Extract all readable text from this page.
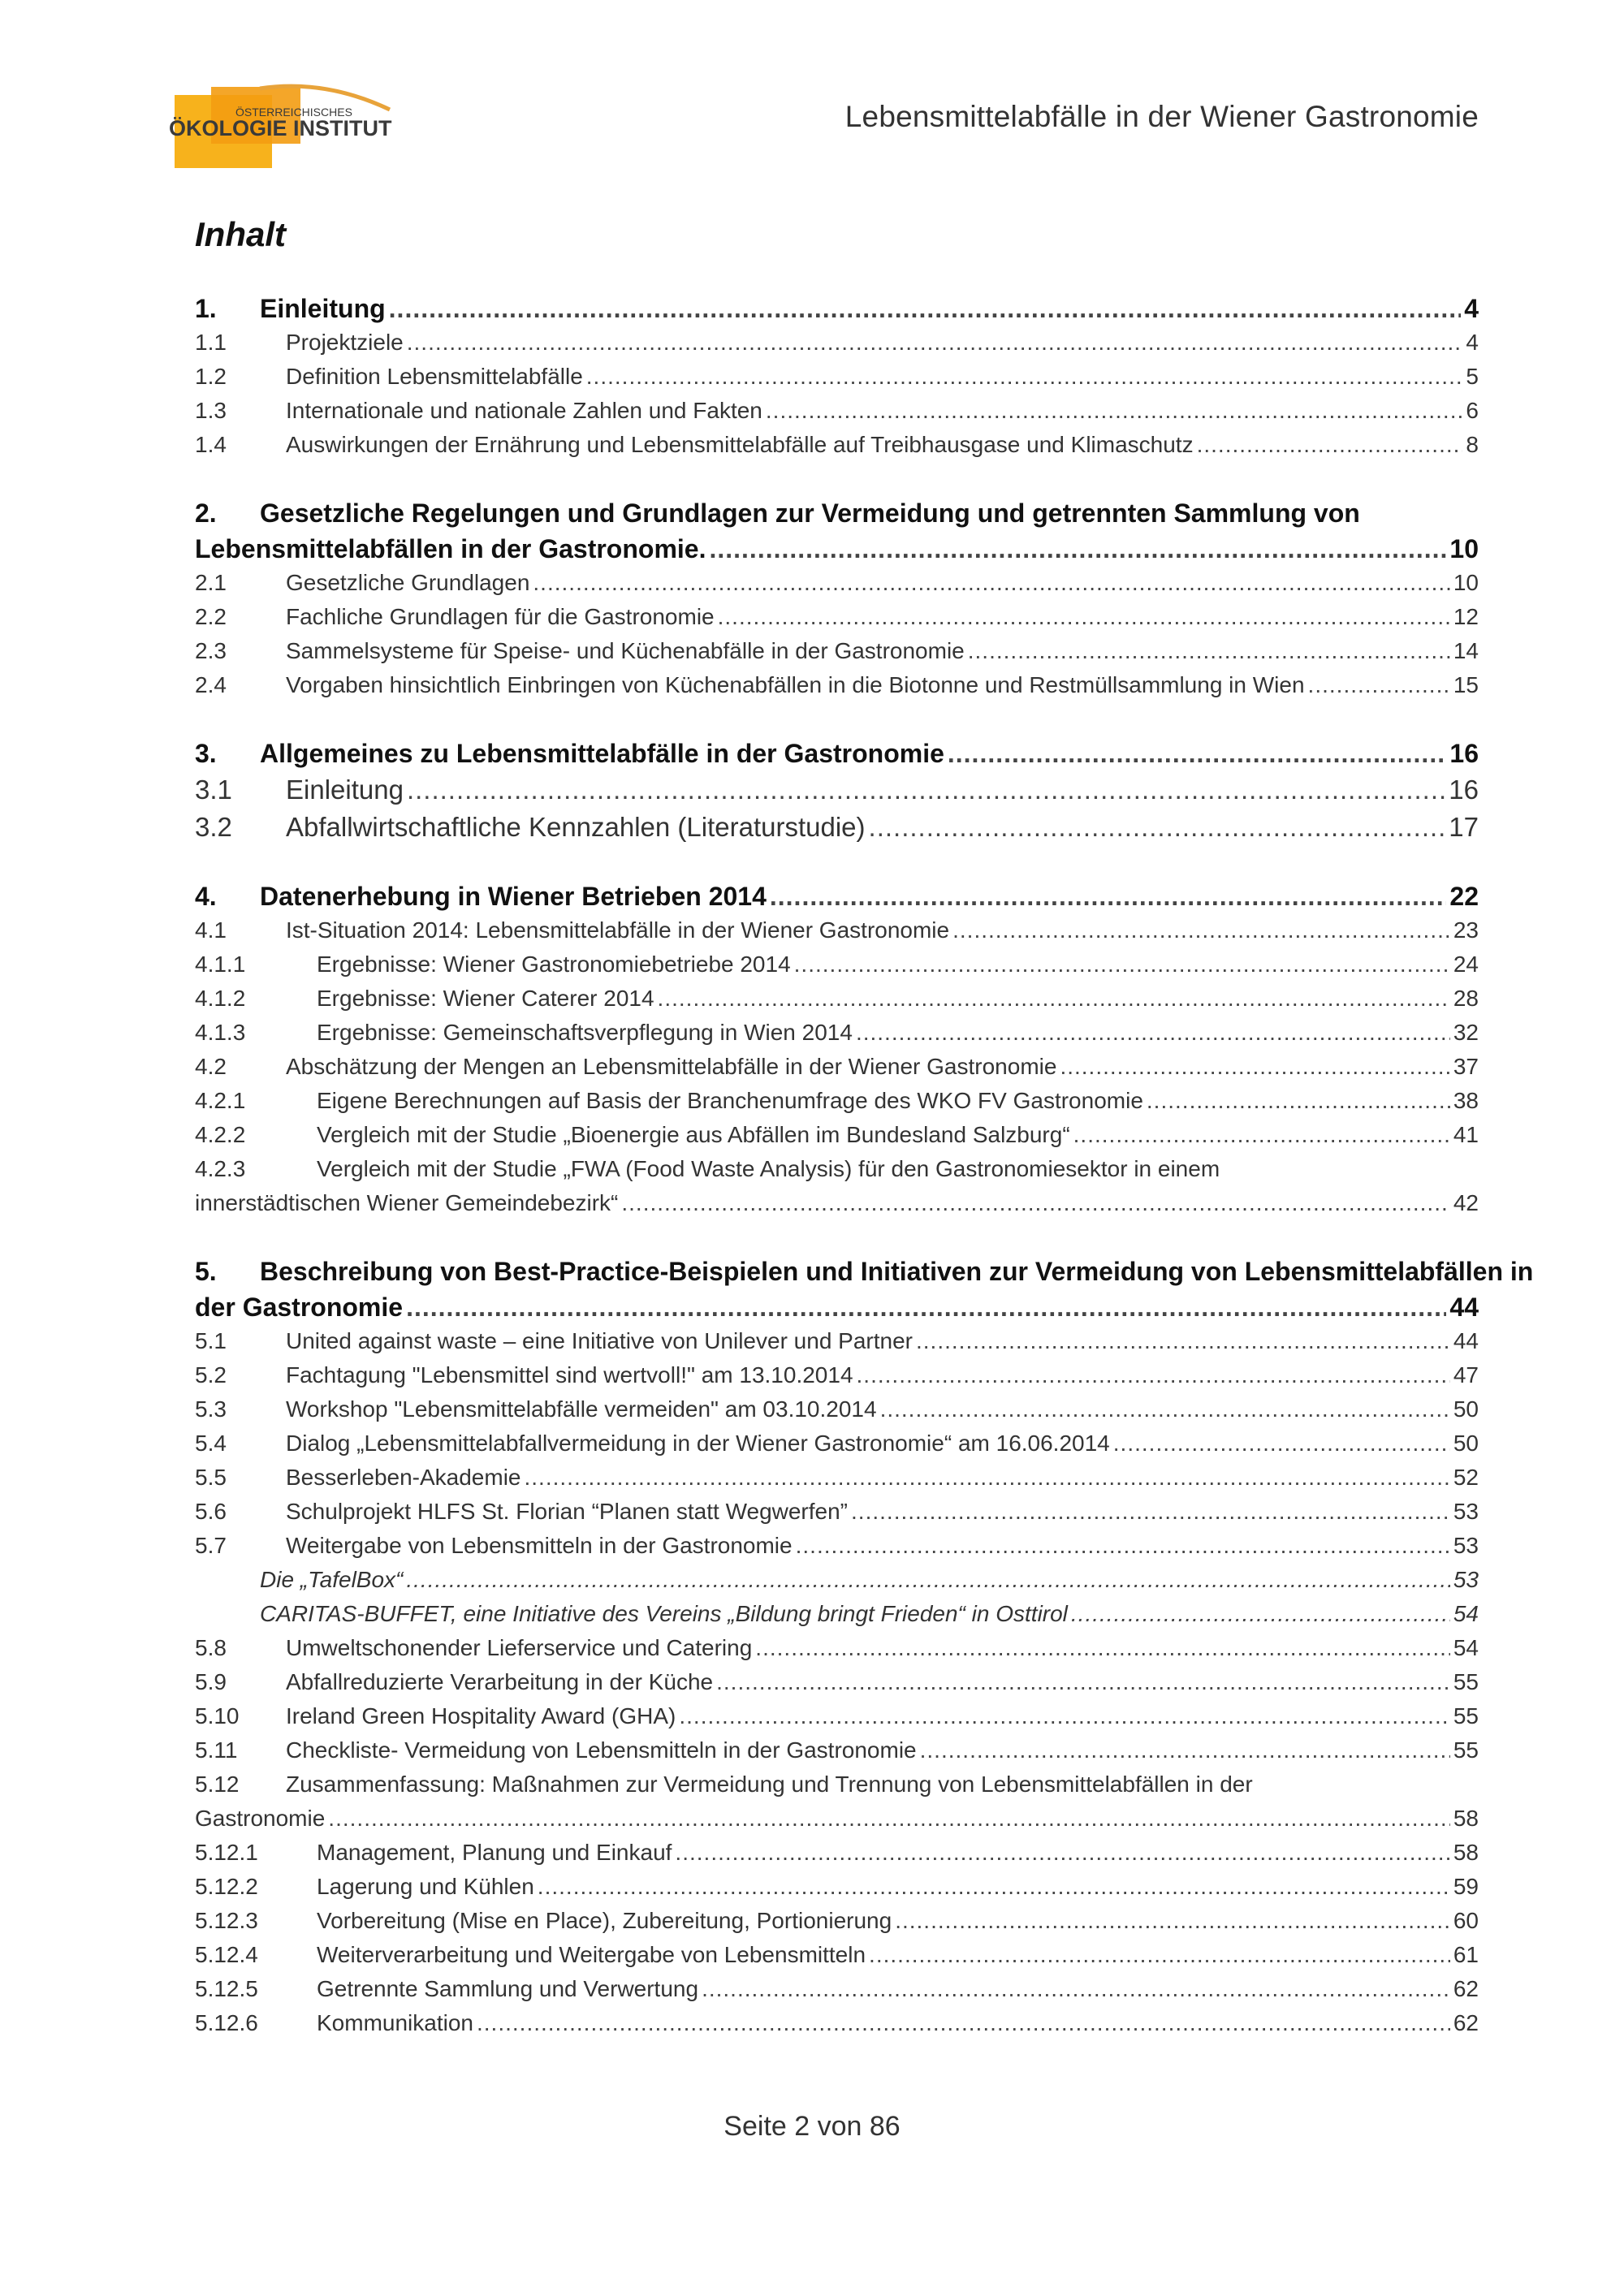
ÖSTERREICHISCHES
ÖKOLOGIE INSTITUT	Lebensmittelabfälle in der Wiener Gastronomie
Inhalt
1. Einleitung .....	4
1.1	Projektziele .....	4
1.2	Definition Lebensmittelabfälle .....	5
1.3	Internationale und nationale Zahlen und Fakten .....	6
1.4	Auswirkungen der Ernährung und Lebensmittelabfälle auf Treibhausgase und Klimaschutz .....	8
2. Gesetzliche Regelungen und Grundlagen zur Vermeidung und getrennten Sammlung von
Lebensmittelabfällen in der Gastronomie. .....	10
2.1	Gesetzliche Grundlagen .....	10
2.2	Fachliche Grundlagen für die Gastronomie .....	12
2.3	Sammelsysteme für Speise- und Küchenabfälle in der Gastronomie .....	14
2.4	Vorgaben hinsichtlich Einbringen von Küchenabfällen in die Biotonne und Restmüllsammlung in Wien .....	15
3. Allgemeines zu Lebensmittelabfälle in der Gastronomie .....	16
3.1 Einleitung .....	16
3.2 Abfallwirtschaftliche Kennzahlen (Literaturstudie) .....	17
4. Datenerhebung in Wiener Betrieben 2014 .....	22
4.1	Ist-Situation 2014: Lebensmittelabfälle in der Wiener Gastronomie .....	23
4.1.1	Ergebnisse: Wiener Gastronomiebetriebe 2014 .....	24
4.1.2	Ergebnisse: Wiener Caterer 2014 .....	28
4.1.3	Ergebnisse: Gemeinschaftsverpflegung in Wien 2014 .....	32
4.2	Abschätzung der Mengen an Lebensmittelabfälle in der Wiener Gastronomie .....	37
4.2.1	Eigene Berechnungen auf Basis der Branchenumfrage des WKO FV Gastronomie .....	38
4.2.2	Vergleich mit der Studie „Bioenergie aus Abfällen im Bundesland Salzburg“ .....	41
4.2.3	Vergleich mit der Studie „FWA (Food Waste Analysis) für den Gastronomiesektor in einem
innerstädtischen Wiener Gemeindebezirk“ .....	42
5. Beschreibung von Best-Practice-Beispielen und Initiativen zur Vermeidung von Lebensmittelabfällen in
der Gastronomie .....	44
5.1	United against waste – eine Initiative von Unilever und Partner .....	44
5.2	Fachtagung "Lebensmittel sind wertvoll!" am 13.10.2014 .....	47
5.3	Workshop "Lebensmittelabfälle vermeiden" am 03.10.2014 .....	50
5.4	Dialog „Lebensmittelabfallvermeidung in der Wiener Gastronomie“ am 16.06.2014 .....	50
5.5	Besserleben-Akademie .....	52
5.6	Schulprojekt HLFS St. Florian “Planen statt Wegwerfen” .....	53
5.7	Weitergabe von Lebensmitteln in der Gastronomie .....	53
Die „TafelBox“ .....	53
CARITAS-BUFFET, eine Initiative des Vereins „Bildung bringt Frieden“ in Osttirol .....	54
5.8	Umweltschonender Lieferservice und Catering .....	54
5.9	Abfallreduzierte Verarbeitung in der Küche .....	55
5.10 Ireland Green Hospitality Award (GHA) .....	55
5.11 Checkliste- Vermeidung von Lebensmitteln in der Gastronomie .....	55
5.12 Zusammenfassung: Maßnahmen zur Vermeidung und Trennung von Lebensmittelabfällen in der
Gastronomie .....	58
5.12.1	Management, Planung und Einkauf .....	58
5.12.2	Lagerung und Kühlen .....	59
5.12.3	Vorbereitung (Mise en Place), Zubereitung, Portionierung .....	60
5.12.4	Weiterverarbeitung und Weitergabe von Lebensmitteln .....	61
5.12.5	Getrennte Sammlung und Verwertung .....	62
5.12.6	Kommunikation .....	62
Seite 2 von 86
